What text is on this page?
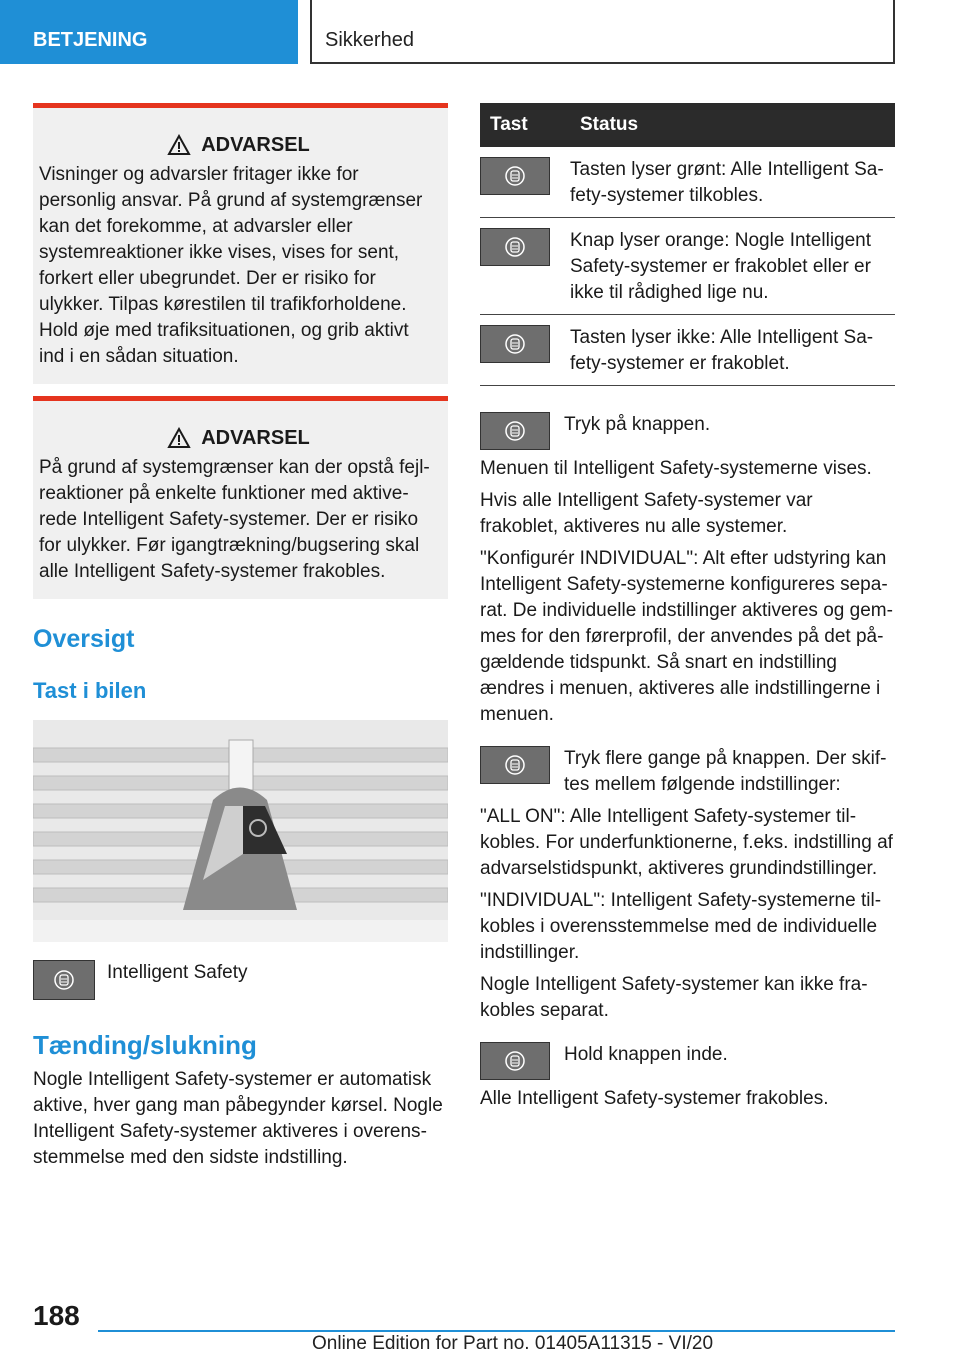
BETJENING	Sikkerhed
ADVARSEL
Visninger og advarsler fritager ikke for personlig ansvar. På grund af systemgrænser kan det forekomme, at advarsler eller systemreaktioner ikke vises, vises for sent, forkert eller ubegrundet. Der er risiko for ulykker. Tilpas kørestilen til trafikforholdene. Hold øje med trafiksituationen, og grib aktivt ind i en sådan situation.
ADVARSEL
På grund af systemgrænser kan der opstå fejlreaktioner på enkelte funktioner med aktiverede Intelligent Safety-systemer. Der er risiko for ulykker. Før igangtrækning/bugsering skal alle Intelligent Safety-systemer frakobles.
Oversigt
Tast i bilen
Intelligent Safety
Tænding/slukning
Nogle Intelligent Safety-systemer er automatisk aktive, hver gang man påbegynder kørsel. Nogle Intelligent Safety-systemer aktiveres i overensstemmelse med den sidste indstilling.
Tast	Status

	Tasten lyser grønt: Alle Intelligent Safety-systemer tilkobles.

	Knap lyser orange: Nogle Intelligent Safety-systemer er frakoblet eller er ikke til rådighed lige nu.

	Tasten lyser ikke: Alle Intelligent Safety-systemer er frakoblet.
Tryk på knappen.
Menuen til Intelligent Safety-systemerne vises.
Hvis alle Intelligent Safety-systemer var frakoblet, aktiveres nu alle systemer.
"Konfigurér INDIVIDUAL": Alt efter udstyring kan Intelligent Safety-systemerne konfigureres separat. De individuelle indstillinger aktiveres og gemmes for den førerprofil, der anvendes på det pågældende tidspunkt. Så snart en indstilling ændres i menuen, aktiveres alle indstillingerne i menuen.
Tryk flere gange på knappen. Der skiftes mellem følgende indstillinger:
"ALL ON": Alle Intelligent Safety-systemer tilkobles. For underfunktionerne, f.eks. indstilling af advarselstidspunkt, aktiveres grundindstillinger.
"INDIVIDUAL": Intelligent Safety-systemerne tilkobles i overensstemmelse med de individuelle indstillinger.
Nogle Intelligent Safety-systemer kan ikke frakobles separat.
Hold knappen inde.
Alle Intelligent Safety-systemer frakobles.
188
Online Edition for Part no. 01405A11315 - VI/20
